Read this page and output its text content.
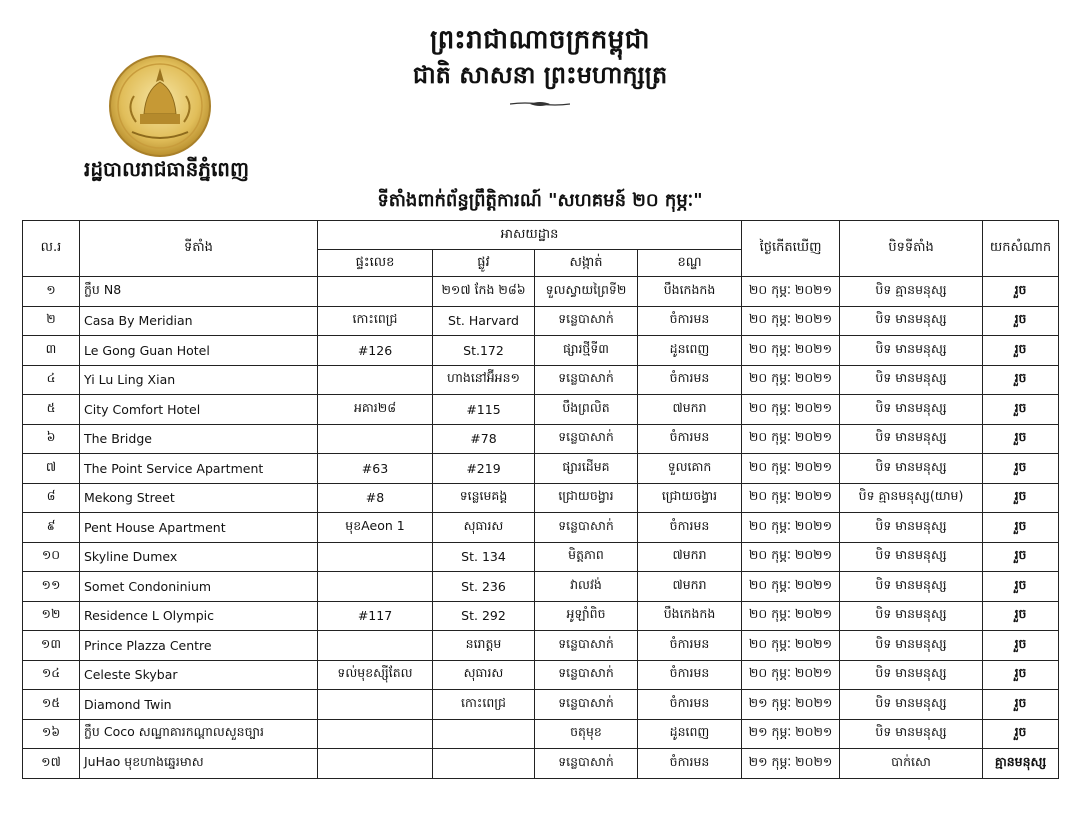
ព្រះរាជាណាចក្រកម្ពុជា
ជាតិ សាសនា ព្រះមហាក្សត្រ
រដ្ឋបាលរាជធានីភ្នំពេញ
ទីតាំងពាក់ព័ន្ធព្រឹត្តិការណ៍ "សហគមន៍ ២០ កុម្ភៈ"
ល.រ	ទីតាំង	អាសយដ្ឋាន				ថ្ងៃកើតឃើញ	បិទទីតាំង	យកសំណាក
		ផ្ទះលេខ	ផ្លូវ	សង្កាត់	ខណ្ឌ			
១	ក្លឹប N8		២១៧ កែង ២៨៦	ទួលស្វាយព្រៃទី២	បឹងកេងកង	២០ កុម្ភៈ ២០២១	បិទ គ្មានមនុស្ស	រួច
២	Casa By Meridian	កោះពេជ្រ	St. Harvard	ទន្លេបាសាក់	ចំការមន	២០ កុម្ភៈ ២០២១	បិទ មានមនុស្ស	រួច
៣	Le Gong Guan Hotel	#126	St.172	ផ្សារថ្មីទី៣	ដូនពេញ	២០ កុម្ភៈ ២០២១	បិទ មានមនុស្ស	រួច
៤	Yi Lu Ling Xian		ហាងនៅអ៊ីអន១	ទន្លេបាសាក់	ចំការមន	២០ កុម្ភៈ ២០២១	បិទ មានមនុស្ស	រួច
៥	City Comfort Hotel	អគារ២៨	#115	បឹងព្រលិត	៧មករា	២០ កុម្ភៈ ២០២១	បិទ មានមនុស្ស	រួច
៦	The Bridge		#78	ទន្លេបាសាក់	ចំការមន	២០ កុម្ភៈ ២០២១	បិទ មានមនុស្ស	រួច
៧	The Point Service Apartment	#63	#219	ផ្សារដើមគ	ទួលគោក	២០ កុម្ភៈ ២០២១	បិទ មានមនុស្ស	រួច
៨	Mekong Street	#8	ទន្លេមេគង្គ	ជ្រោយចង្វារ	ជ្រោយចង្វារ	២០ កុម្ភៈ ២០២១	បិទ គ្មានមនុស្ស(យាម)	រួច
៩	Pent House Apartment	មុខAeon 1	សុធារស	ទន្លេបាសាក់	ចំការមន	២០ កុម្ភៈ ២០២១	បិទ មានមនុស្ស	រួច
១០	Skyline Dumex		St. 134	មិត្តភាព	៧មករា	២០ កុម្ភៈ ២០២១	បិទ មានមនុស្ស	រួច
១១	Somet Condoninium		St. 236	វាលវង់	៧មករា	២០ កុម្ភៈ ២០២១	បិទ មានមនុស្ស	រួច
១២	Residence L Olympic	#117	St. 292	អូឡាំពិច	បឹងកេងកង	២០ កុម្ភៈ ២០២១	បិទ មានមនុស្ស	រួច
១៣	Prince Plazza Centre		នរោត្តម	ទន្លេបាសាក់	ចំការមន	២០ កុម្ភៈ ២០២១	បិទ មានមនុស្ស	រួច
១៤	Celeste Skybar	ទល់មុខស្ស៊ីតែល	សុធារស	ទន្លេបាសាក់	ចំការមន	២០ កុម្ភៈ ២០២១	បិទ មានមនុស្ស	រួច
១៥	Diamond Twin		កោះពេជ្រ	ទន្លេបាសាក់	ចំការមន	២១ កុម្ភៈ ២០២១	បិទ មានមនុស្ស	រួច
១៦	ក្លឹប Coco សណ្ឋាគារកណ្ដាលសួនច្បារ			ចតុមុខ	ដូនពេញ	២១ កុម្ភៈ ២០២១	បិទ មានមនុស្ស	រួច
១៧	JuHao មុខហាងឆ្នេរមាស			ទន្លេបាសាក់	ចំការមន	២១ កុម្ភៈ ២០២១	បាក់សោ	គ្មានមនុស្ស
